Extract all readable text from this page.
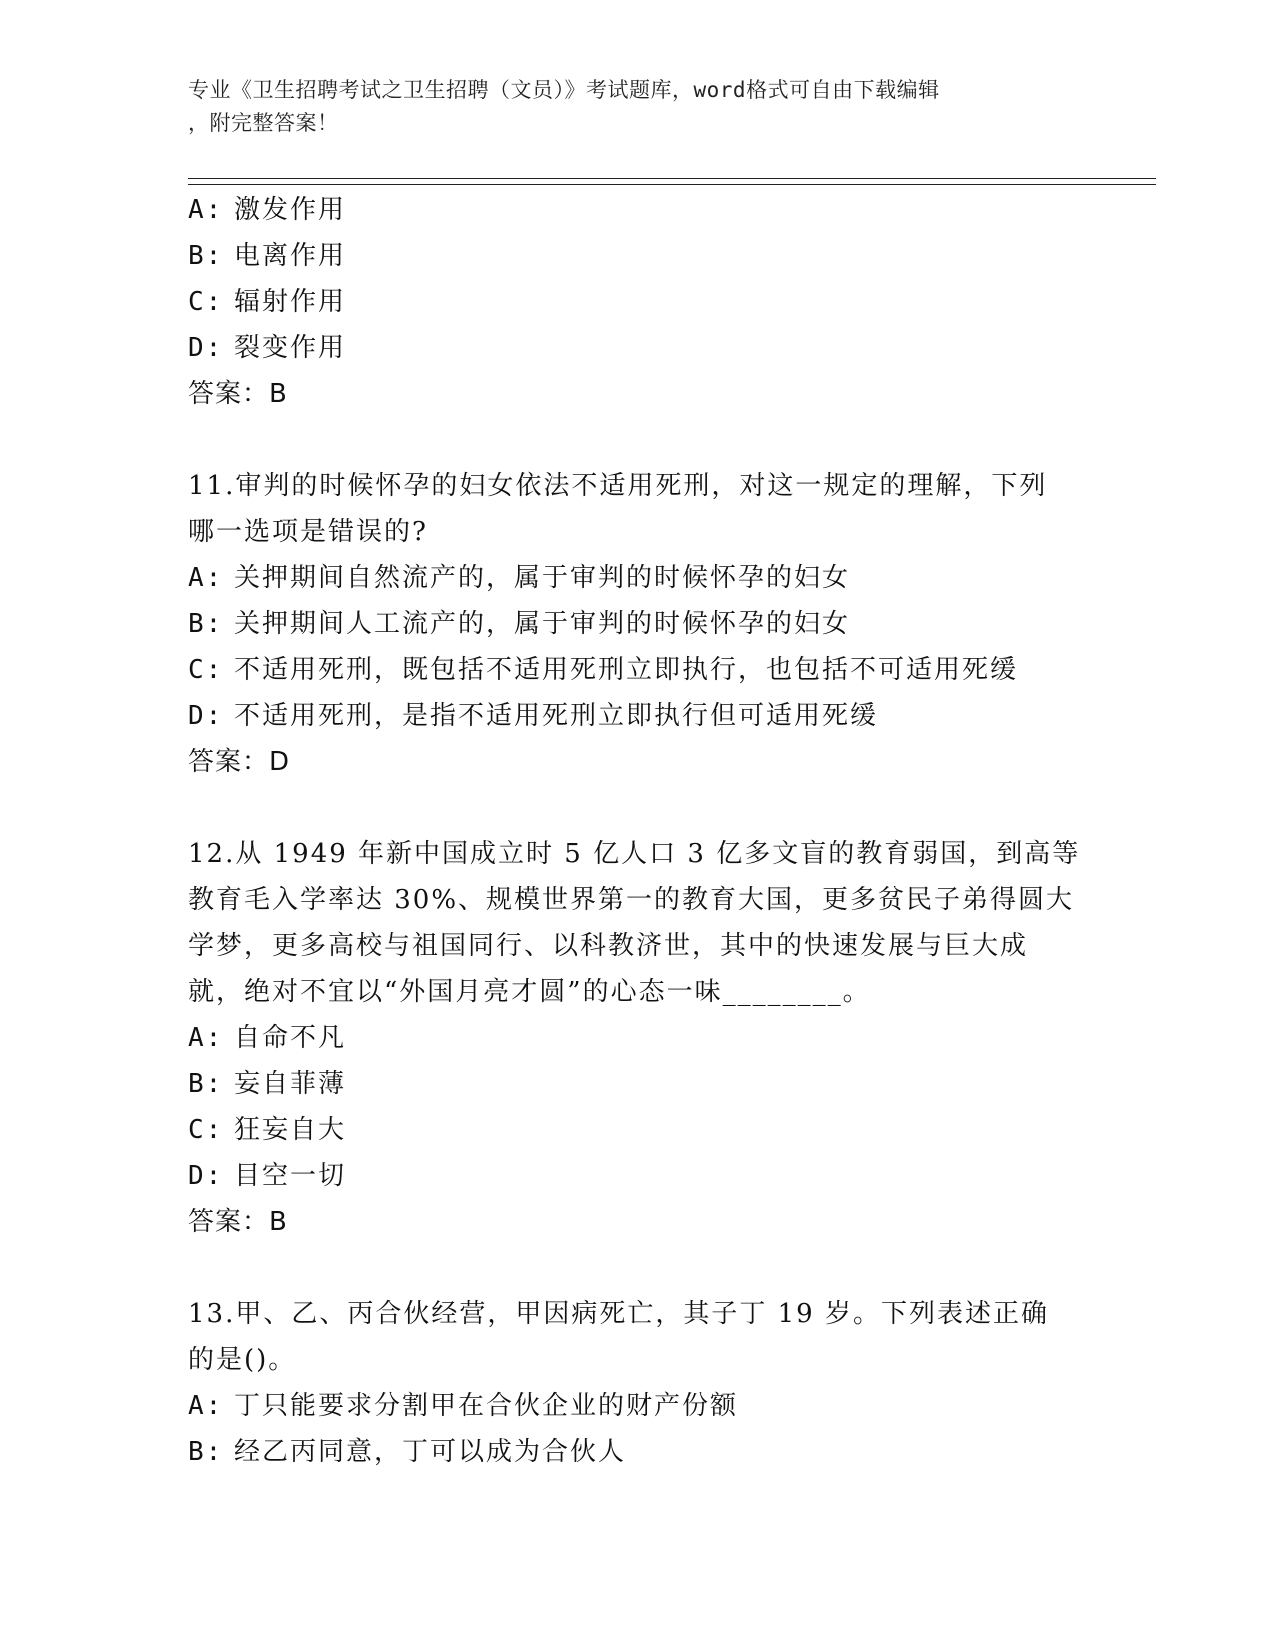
专业《卫生招聘考试之卫生招聘（文员）》考试题库，word格式可自由下载编辑
，附完整答案！
A: 激发作用
B: 电离作用
C: 辐射作用
D: 裂变作用
答案：B
11.审判的时候怀孕的妇女依法不适用死刑，对这一规定的理解，下列
哪一选项是错误的?
A: 关押期间自然流产的，属于审判的时候怀孕的妇女
B: 关押期间人工流产的，属于审判的时候怀孕的妇女
C: 不适用死刑，既包括不适用死刑立即执行，也包括不可适用死缓
D: 不适用死刑，是指不适用死刑立即执行但可适用死缓
答案：D
12.从 1949 年新中国成立时 5 亿人口 3 亿多文盲的教育弱国，到高等
教育毛入学率达 30%、规模世界第一的教育大国，更多贫民子弟得圆大
学梦，更多高校与祖国同行、以科教济世，其中的快速发展与巨大成
就，绝对不宜以“外国月亮才圆”的心态一味________。
A: 自命不凡
B: 妄自菲薄
C: 狂妄自大
D: 目空一切
答案：B
13.甲、乙、丙合伙经营，甲因病死亡，其子丁 19 岁。下列表述正确
的是()。
A: 丁只能要求分割甲在合伙企业的财产份额
B: 经乙丙同意，丁可以成为合伙人
